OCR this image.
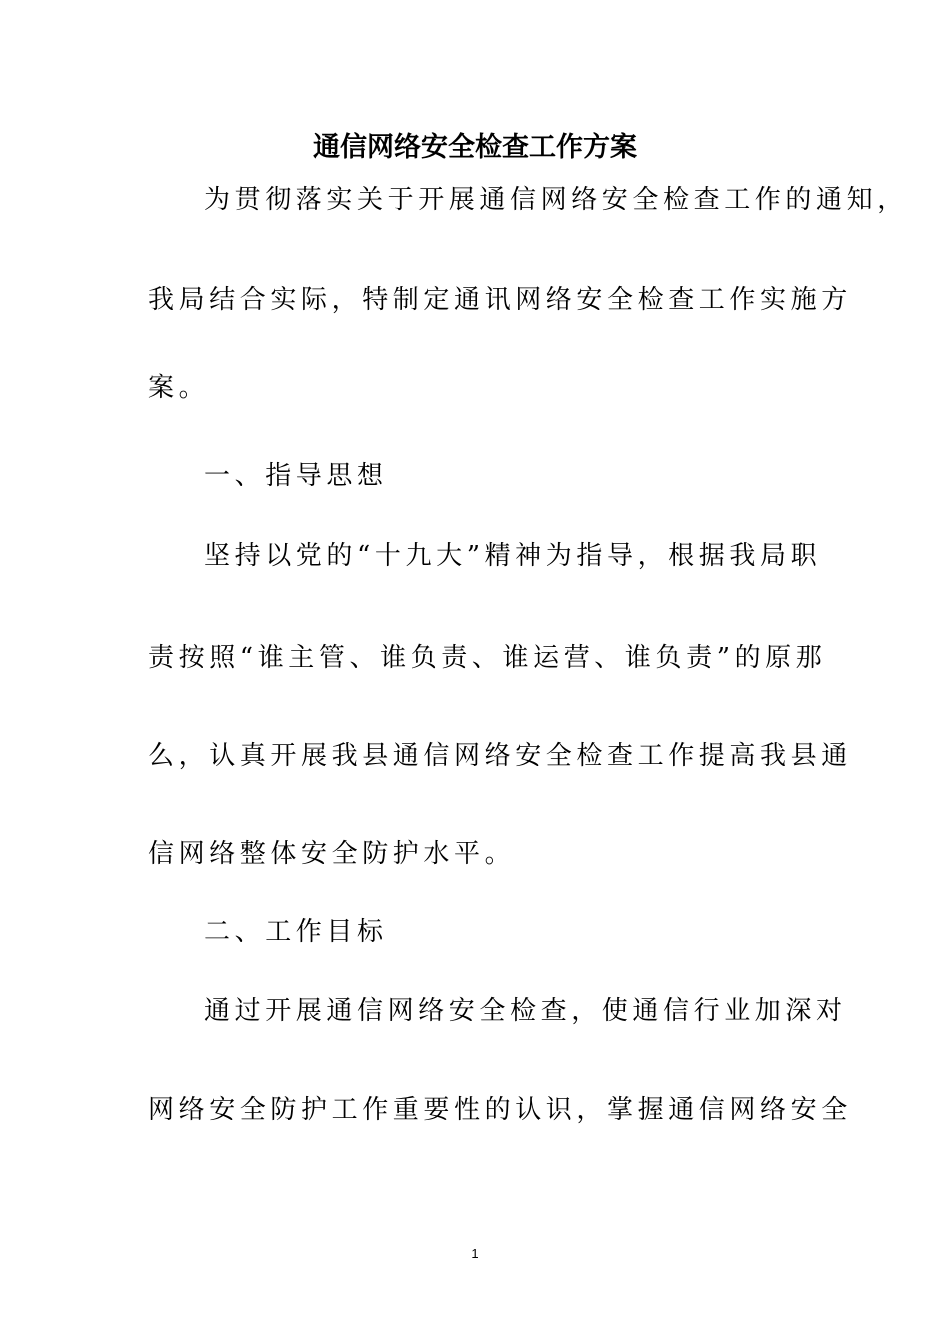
通信网络安全检查工作方案
为贯彻落实关于开展通信网络安全检查工作的通知，
我局结合实际，特制定通讯网络安全检查工作实施方
案。
一、指导思想
坚持以党的“十九大”精神为指导，根据我局职
责按照“谁主管、谁负责、谁运营、谁负责”的原那
么，认真开展我县通信网络安全检查工作提高我县通
信网络整体安全防护水平。
二、工作目标
通过开展通信网络安全检查，使通信行业加深对
网络安全防护工作重要性的认识，掌握通信网络安全
1
